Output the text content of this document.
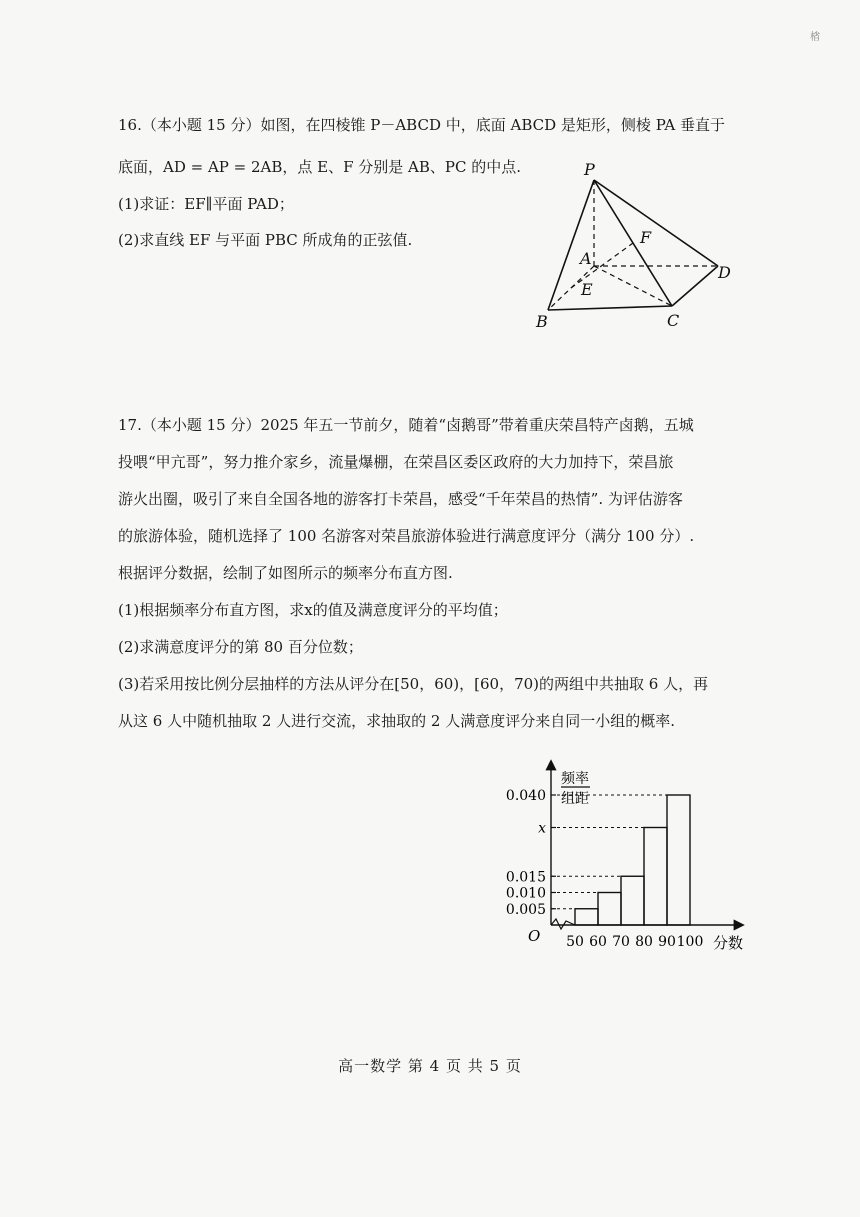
㮐
16.（本小题 15 分）如图，在四棱锥 P－ABCD 中，底面 ABCD 是矩形，侧棱 PA 垂直于
底面，AD = AP = 2AB，点 E、F 分别是 AB、PC 的中点.
(1)求证：EF∥平面 PAD；
(2)求直线 EF 与平面 PBC 所成角的正弦值.
P
A
B	C
D
E
F
17.（本小题 15 分）2025 年五一节前夕，随着“卤鹅哥”带着重庆荣昌特产卤鹅，五城
投喂“甲亢哥”，努力推介家乡，流量爆棚，在荣昌区委区政府的大力加持下，荣昌旅
游火出圈，吸引了来自全国各地的游客打卡荣昌，感受“千年荣昌的热情”. 为评估游客
的旅游体验，随机选择了 100 名游客对荣昌旅游体验进行满意度评分（满分 100 分）.
根据评分数据，绘制了如图所示的频率分布直方图.
(1)根据频率分布直方图，求x的值及满意度评分的平均值；
(2)求满意度评分的第 80 百分位数；
(3)若采用按比例分层抽样的方法从评分在[50，60)，[60，70)的两组中共抽取 6 人，再
从这 6 人中随机抽取 2 人进行交流，求抽取的 2 人满意度评分来自同一小组的概率.
频率
组距
O	分数
0.005
0.010
0.015
x
0.040
50 60 70 80 90 100
高一数学 第 4 页 共 5 页
